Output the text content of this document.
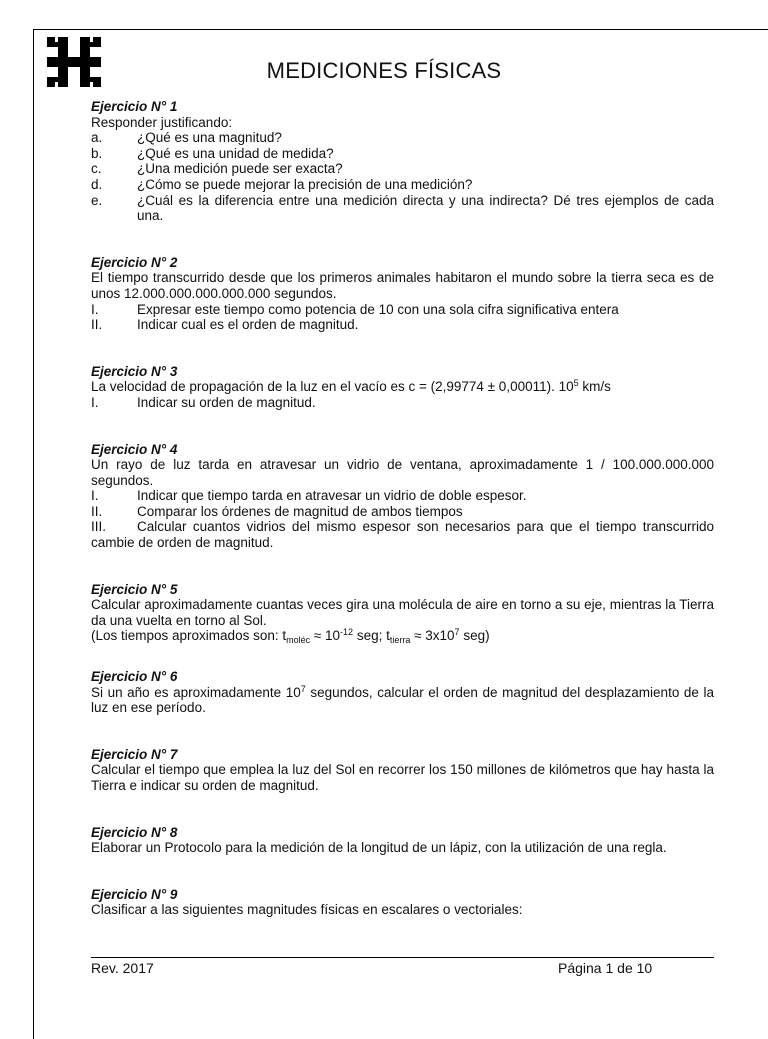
MEDICIONES FÍSICAS
Ejercicio N° 1
Responder justificando:
a.	¿Qué es una magnitud?
b.	¿Qué es una unidad de medida?
c.	¿Una medición puede ser exacta?
d.	¿Cómo se puede mejorar la precisión de una medición?
e.	¿Cuál es la diferencia entre una medición directa y una indirecta? Dé tres ejemplos de cada una.
Ejercicio N° 2
El tiempo transcurrido desde que los primeros animales habitaron el mundo sobre la tierra seca es de unos 12.000.000.000.000.000 segundos.
I.	Expresar este tiempo como potencia de 10 con una sola cifra significativa entera
II.	Indicar cual es el orden de magnitud.
Ejercicio N° 3
La velocidad de propagación de la luz en el vacío es c = (2,99774 ± 0,00011). $10^5$ km/s
I.	Indicar su orden de magnitud.
Ejercicio N° 4
Un rayo de luz tarda en atravesar un vidrio de ventana, aproximadamente 1 / 100.000.000.000 segundos.
I.	Indicar que tiempo tarda en atravesar un vidrio de doble espesor.
II.	Comparar los órdenes de magnitud de ambos tiempos
III. Calcular cuantos vidrios del mismo espesor son necesarios para que el tiempo transcurrido cambie de orden de magnitud.
Ejercicio N° 5
Calcular aproximadamente cuantas veces gira una molécula de aire en torno a su eje, mientras la Tierra da una vuelta en torno al Sol.
(Los tiempos aproximados son: $t_{moléc} \approx 10^{-12}$ seg; $t_{tierra} \approx 3x10^7$ seg)
Ejercicio N° 6
Si un año es aproximadamente $10^7$ segundos, calcular el orden de magnitud del desplazamiento de la luz en ese período.
Ejercicio N° 7
Calcular el tiempo que emplea la luz del Sol en recorrer los 150 millones de kilómetros que hay hasta la Tierra e indicar su orden de magnitud.
Ejercicio N° 8
Elaborar un Protocolo para la medición de la longitud de un lápiz, con la utilización de una regla.
Ejercicio N° 9
Clasificar a las siguientes magnitudes físicas en escalares o vectoriales:
Rev. 2017	Página 1 de 10
